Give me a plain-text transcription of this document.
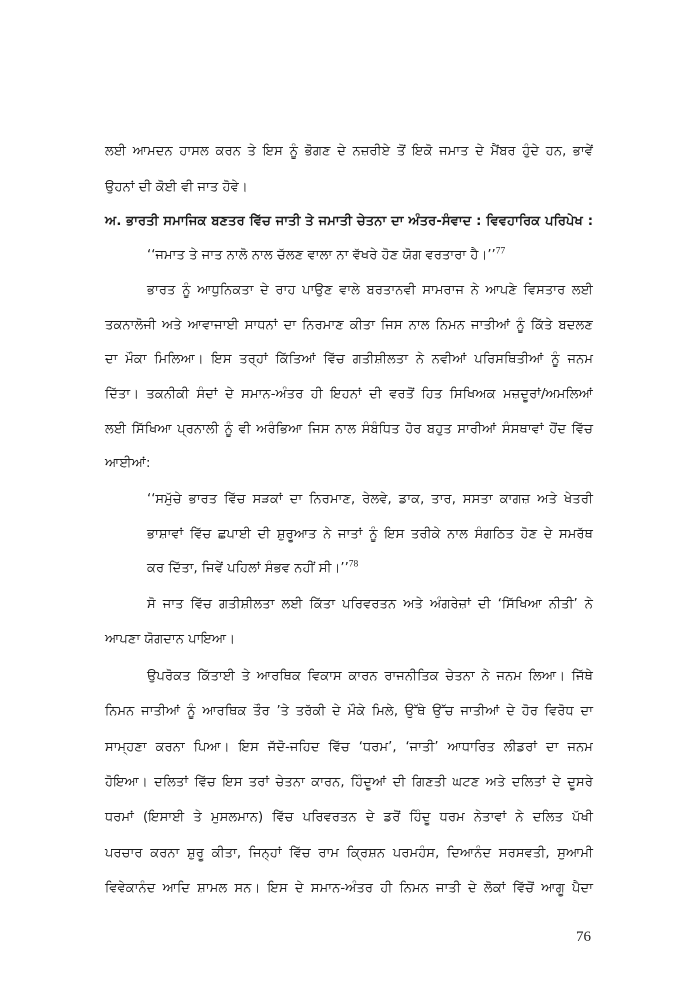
ਲਈ ਆਮਦਨ ਹਾਸਲ ਕਰਨ ਤੇ ਇਸ ਨੂੰ ਭੋਗਣ ਦੇ ਨਜ਼ਰੀਏ ਤੋਂ ਇਕੋ ਜਮਾਤ ਦੇ ਮੈਂਬਰ ਹੁੰਦੇ ਹਨ, ਭਾਵੇਂ
ਉਹਨਾਂ ਦੀ ਕੋਈ ਵੀ ਜਾਤ ਹੋਵੇ।
ਅ. ਭਾਰਤੀ ਸਮਾਜਿਕ ਬਣਤਰ ਵਿੱਚ ਜਾਤੀ ਤੇ ਜਮਾਤੀ ਚੇਤਨਾ ਦਾ ਅੰਤਰ-ਸੰਵਾਦ : ਵਿਵਹਾਰਿਕ ਪਰਿਪੇਖ :
‘‘ਜਮਾਤ ਤੇ ਜਾਤ ਨਾਲੋ ਨਾਲ ਚੱਲਣ ਵਾਲਾ ਨਾ ਵੱਖਰੇ ਹੋਣ ਯੋਗ ਵਰਤਾਰਾ ਹੈ।’’$^{77}$
ਭਾਰਤ ਨੂੰ ਆਧੁਨਿਕਤਾ ਦੇ ਰਾਹ ਪਾਉਣ ਵਾਲੇ ਬਰਤਾਨਵੀ ਸਾਮਰਾਜ ਨੇ ਆਪਣੇ ਵਿਸਤਾਰ ਲਈ
ਤਕਨਾਲੋਜੀ ਅਤੇ ਆਵਾਜਾਈ ਸਾਧਨਾਂ ਦਾ ਨਿਰਮਾਣ ਕੀਤਾ ਜਿਸ ਨਾਲ ਨਿਮਨ ਜਾਤੀਆਂ ਨੂੰ ਕਿੱਤੇ ਬਦਲਣ
ਦਾ ਮੌਕਾ ਮਿਲਿਆ। ਇਸ ਤਰ੍ਹਾਂ ਕਿੱਤਿਆਂ ਵਿੱਚ ਗਤੀਸ਼ੀਲਤਾ ਨੇ ਨਵੀਆਂ ਪਰਿਸਥਿਤੀਆਂ ਨੂੰ ਜਨਮ
ਦਿੱਤਾ। ਤਕਨੀਕੀ ਸੰਦਾਂ ਦੇ ਸਮਾਨ-ਅੰਤਰ ਹੀ ਇਹਨਾਂ ਦੀ ਵਰਤੋਂ ਹਿਤ ਸਿਖਿਅਕ ਮਜ਼ਦੂਰਾਂ/ਅਮਲਿਆਂ
ਲਈ ਸਿੱਖਿਆ ਪ੍ਰਨਾਲੀ ਨੂੰ ਵੀ ਅਰੰਭਿਆ ਜਿਸ ਨਾਲ ਸੰਬੰਧਿਤ ਹੋਰ ਬਹੁਤ ਸਾਰੀਆਂ ਸੰਸਥਾਵਾਂ ਹੋਂਦ ਵਿੱਚ
ਆਈਆਂ:
‘‘ਸਮੁੱਚੇ ਭਾਰਤ ਵਿੱਚ ਸੜਕਾਂ ਦਾ ਨਿਰਮਾਣ, ਰੇਲਵੇ, ਡਾਕ, ਤਾਰ, ਸਸਤਾ ਕਾਗਜ਼ ਅਤੇ ਖੇਤਰੀ
ਭਾਸ਼ਾਵਾਂ ਵਿੱਚ ਛਪਾਈ ਦੀ ਸ਼ੁਰੂਆਤ ਨੇ ਜਾਤਾਂ ਨੂੰ ਇਸ ਤਰੀਕੇ ਨਾਲ ਸੰਗਠਿਤ ਹੋਣ ਦੇ ਸਮਰੱਥ
ਕਰ ਦਿੱਤਾ, ਜਿਵੇਂ ਪਹਿਲਾਂ ਸੰਭਵ ਨਹੀਂ ਸੀ।’’$^{78}$
ਸੋ ਜਾਤ ਵਿੱਚ ਗਤੀਸ਼ੀਲਤਾ ਲਈ ਕਿੱਤਾ ਪਰਿਵਰਤਨ ਅਤੇ ਅੰਗਰੇਜ਼ਾਂ ਦੀ ‘ਸਿੱਖਿਆ ਨੀਤੀ’ ਨੇ
ਆਪਣਾ ਯੋਗਦਾਨ ਪਾਇਆ।
ਉਪਰੋਕਤ ਕਿੱਤਾਈ ਤੇ ਆਰਥਿਕ ਵਿਕਾਸ ਕਾਰਨ ਰਾਜਨੀਤਿਕ ਚੇਤਨਾ ਨੇ ਜਨਮ ਲਿਆ। ਜਿੱਥੇ
ਨਿਮਨ ਜਾਤੀਆਂ ਨੂੰ ਆਰਥਿਕ ਤੌਰ ’ਤੇ ਤਰੱਕੀ ਦੇ ਮੌਕੇ ਮਿਲੇ, ਉੱਥੇ ਉੱਚ ਜਾਤੀਆਂ ਦੇ ਹੋਰ ਵਿਰੋਧ ਦਾ
ਸਾਮ੍ਹਣਾ ਕਰਨਾ ਪਿਆ। ਇਸ ਜੱਦੋ-ਜਹਿਦ ਵਿੱਚ ‘ਧਰਮ’, ‘ਜਾਤੀ’ ਆਧਾਰਿਤ ਲੀਡਰਾਂ ਦਾ ਜਨਮ
ਹੋਇਆ। ਦਲਿਤਾਂ ਵਿੱਚ ਇਸ ਤਰਾਂ ਚੇਤਨਾ ਕਾਰਨ, ਹਿੰਦੂਆਂ ਦੀ ਗਿਣਤੀ ਘਟਣ ਅਤੇ ਦਲਿਤਾਂ ਦੇ ਦੂਸਰੇ
ਧਰਮਾਂ (ਇਸਾਈ ਤੇ ਮੁਸਲਮਾਨ) ਵਿੱਚ ਪਰਿਵਰਤਨ ਦੇ ਡਰੋਂ ਹਿੰਦੂ ਧਰਮ ਨੇਤਾਵਾਂ ਨੇ ਦਲਿਤ ਪੱਖੀ
ਪਰਚਾਰ ਕਰਨਾ ਸ਼ੁਰੂ ਕੀਤਾ, ਜਿਨ੍ਹਾਂ ਵਿੱਚ ਰਾਮ ਕ੍ਰਿਸ਼ਨ ਪਰਮਹੰਸ, ਦਿਆਨੰਦ ਸਰਸਵਤੀ, ਸੁਆਮੀ
ਵਿਵੇਕਾਨੰਦ ਆਦਿ ਸ਼ਾਮਲ ਸਨ। ਇਸ ਦੇ ਸਮਾਨ-ਅੰਤਰ ਹੀ ਨਿਮਨ ਜਾਤੀ ਦੇ ਲੋਕਾਂ ਵਿੱਚੋਂ ਆਗੂ ਪੈਦਾ
76
